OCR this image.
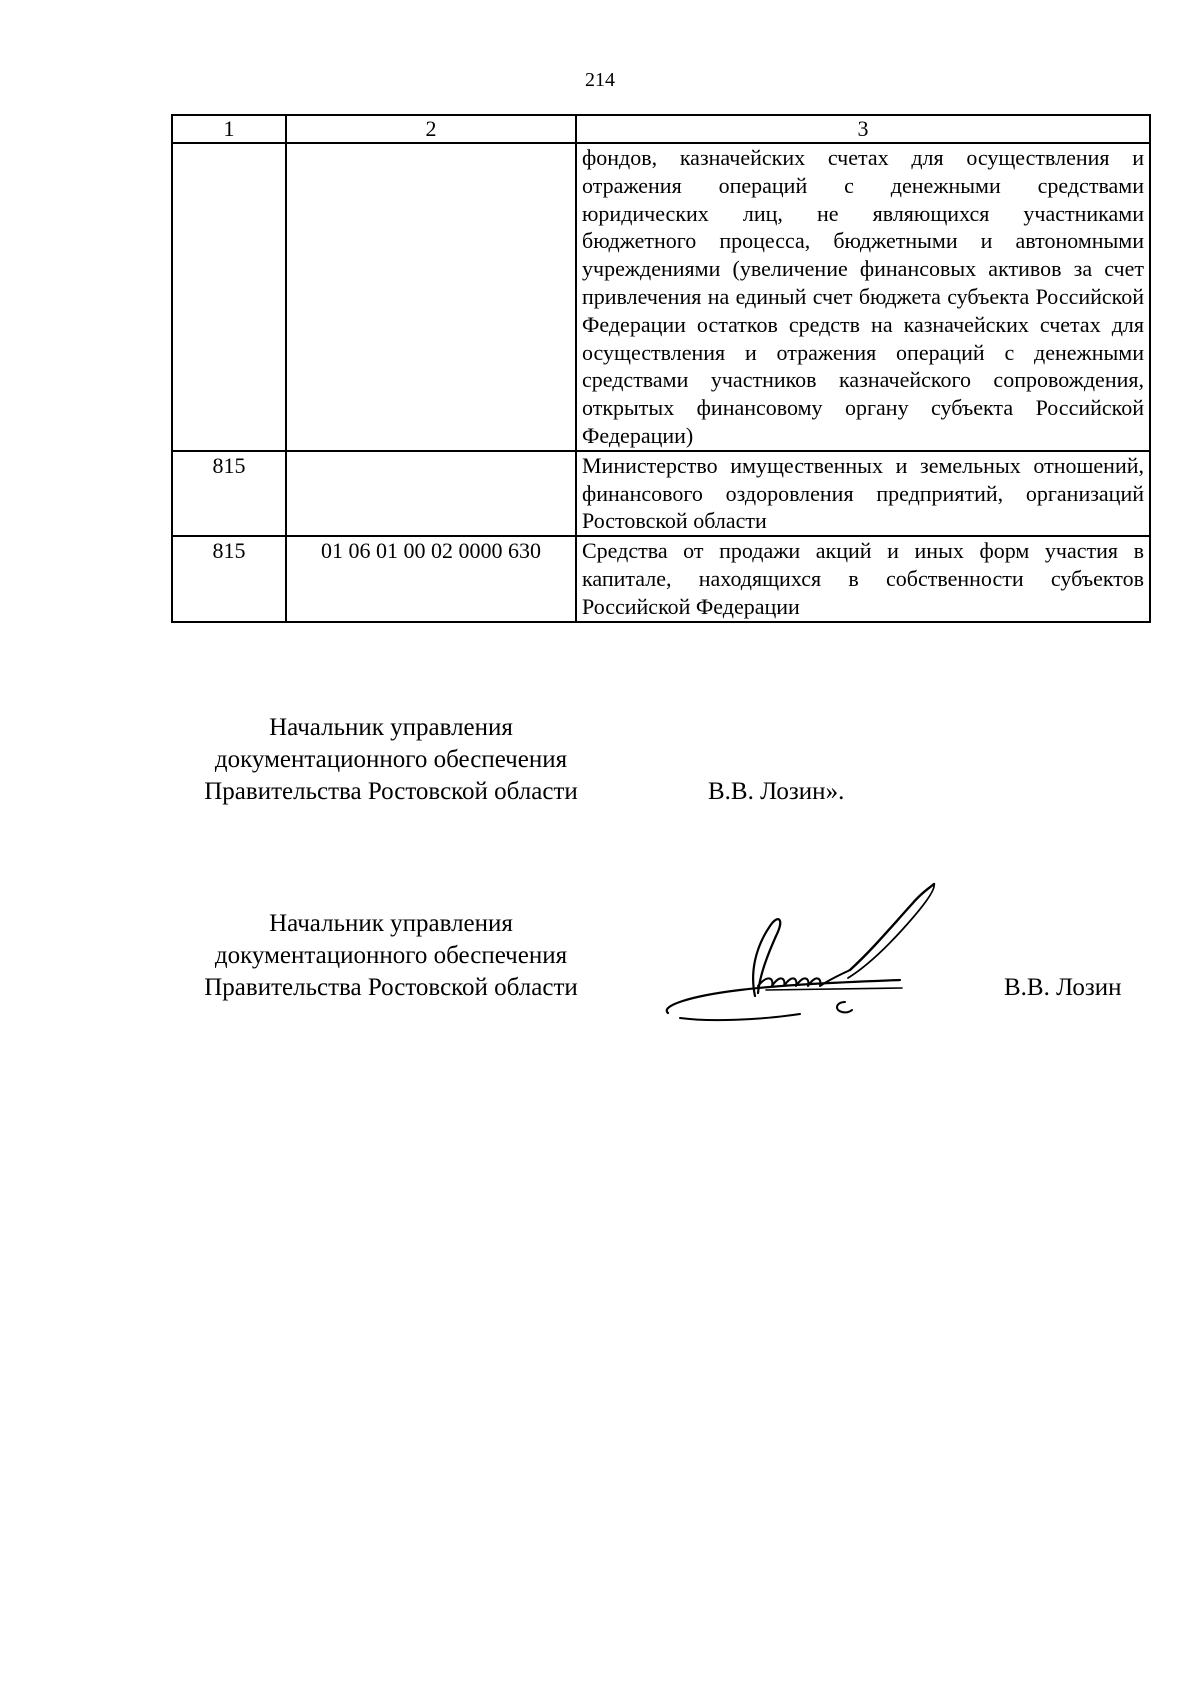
214
1	2	3
		фондов, казначейских счетах для осуществления и отражения операций с денежными средствами юридических лиц, не являющихся участниками бюджетного процесса, бюджетными и автономными учреждениями (увеличение финансовых активов за счет привлечения на единый счет бюджета субъекта Российской Федерации остатков средств на казначейских счетах для осуществления и отражения операций с денежными средствами участников казначейского сопровождения, открытых финансовому органу субъекта Российской Федерации)
815		Министерство имущественных и земельных отношений, финансового оздоровления предприятий, организаций Ростовской области
815	01 06 01 00 02 0000 630	Средства от продажи акций и иных форм участия в капитале, находящихся в собственности субъектов Российской Федерации
Начальник управления
документационного обеспечения
Правительства Ростовской области	В.В. Лозин».
Начальник управления
документационного обеспечения
Правительства Ростовской области	В.В. Лозин
